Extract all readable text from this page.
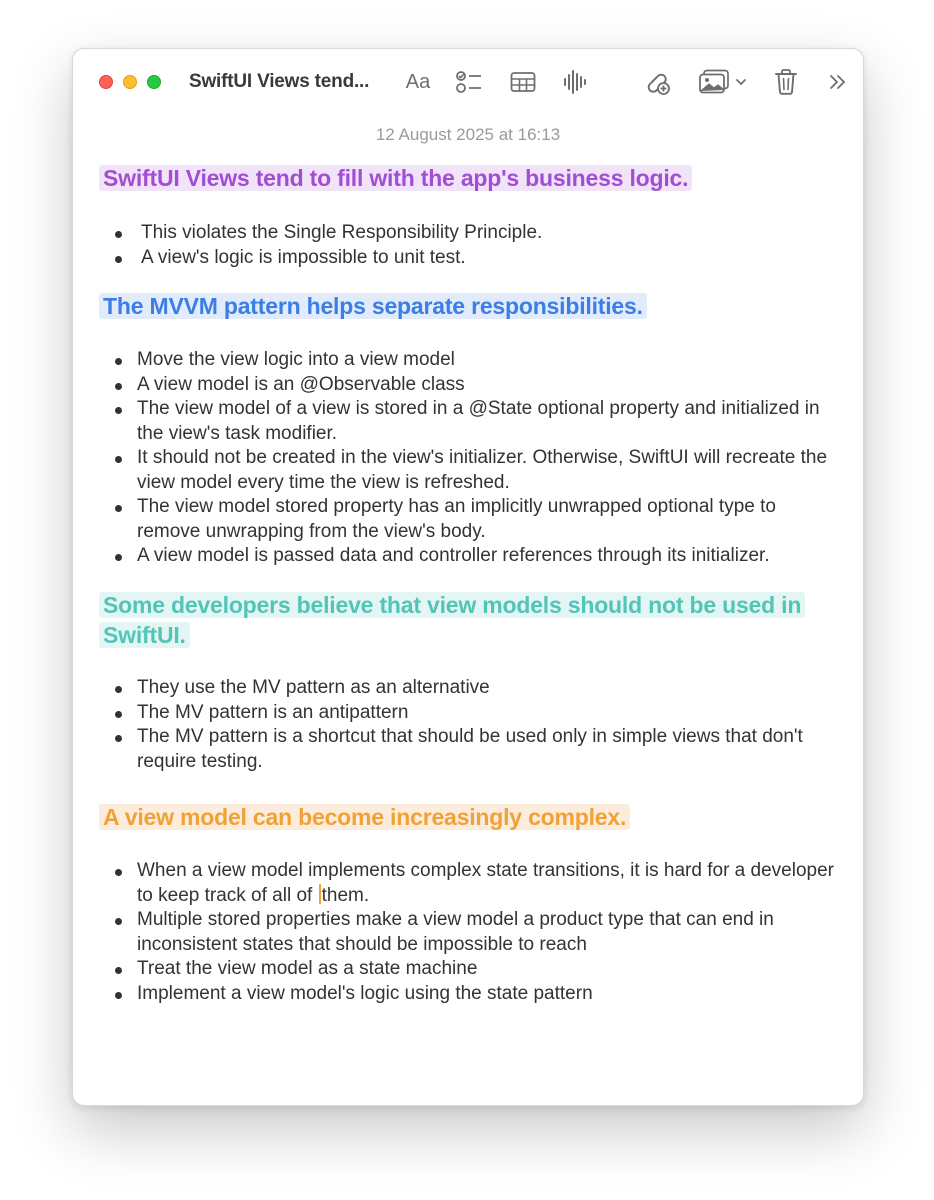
SwiftUI Views tend... Aa
12 August 2025 at 16:13
SwiftUI Views tend to fill with the app's business logic.
This violates the Single Responsibility Principle.
A view's logic is impossible to unit test.
The MVVM pattern helps separate responsibilities.
Move the view logic into a view model
A view model is an @Observable class
The view model of a view is stored in a @State optional property and initialized in the view's task modifier.
It should not be created in the view's initializer. Otherwise, SwiftUI will recreate the view model every time the view is refreshed.
The view model stored property has an implicitly unwrapped optional type to remove unwrapping from the view's body.
A view model is passed data and controller references through its initializer.
Some developers believe that view models should not be used in SwiftUI.
They use the MV pattern as an alternative
The MV pattern is an antipattern
The MV pattern is a shortcut that should be used only in simple views that don't require testing.
A view model can become increasingly complex.
When a view model implements complex state transitions, it is hard for a developer to keep track of all of them.
Multiple stored properties make a view model a product type that can end in inconsistent states that should be impossible to reach
Treat the view model as a state machine
Implement a view model's logic using the state pattern
